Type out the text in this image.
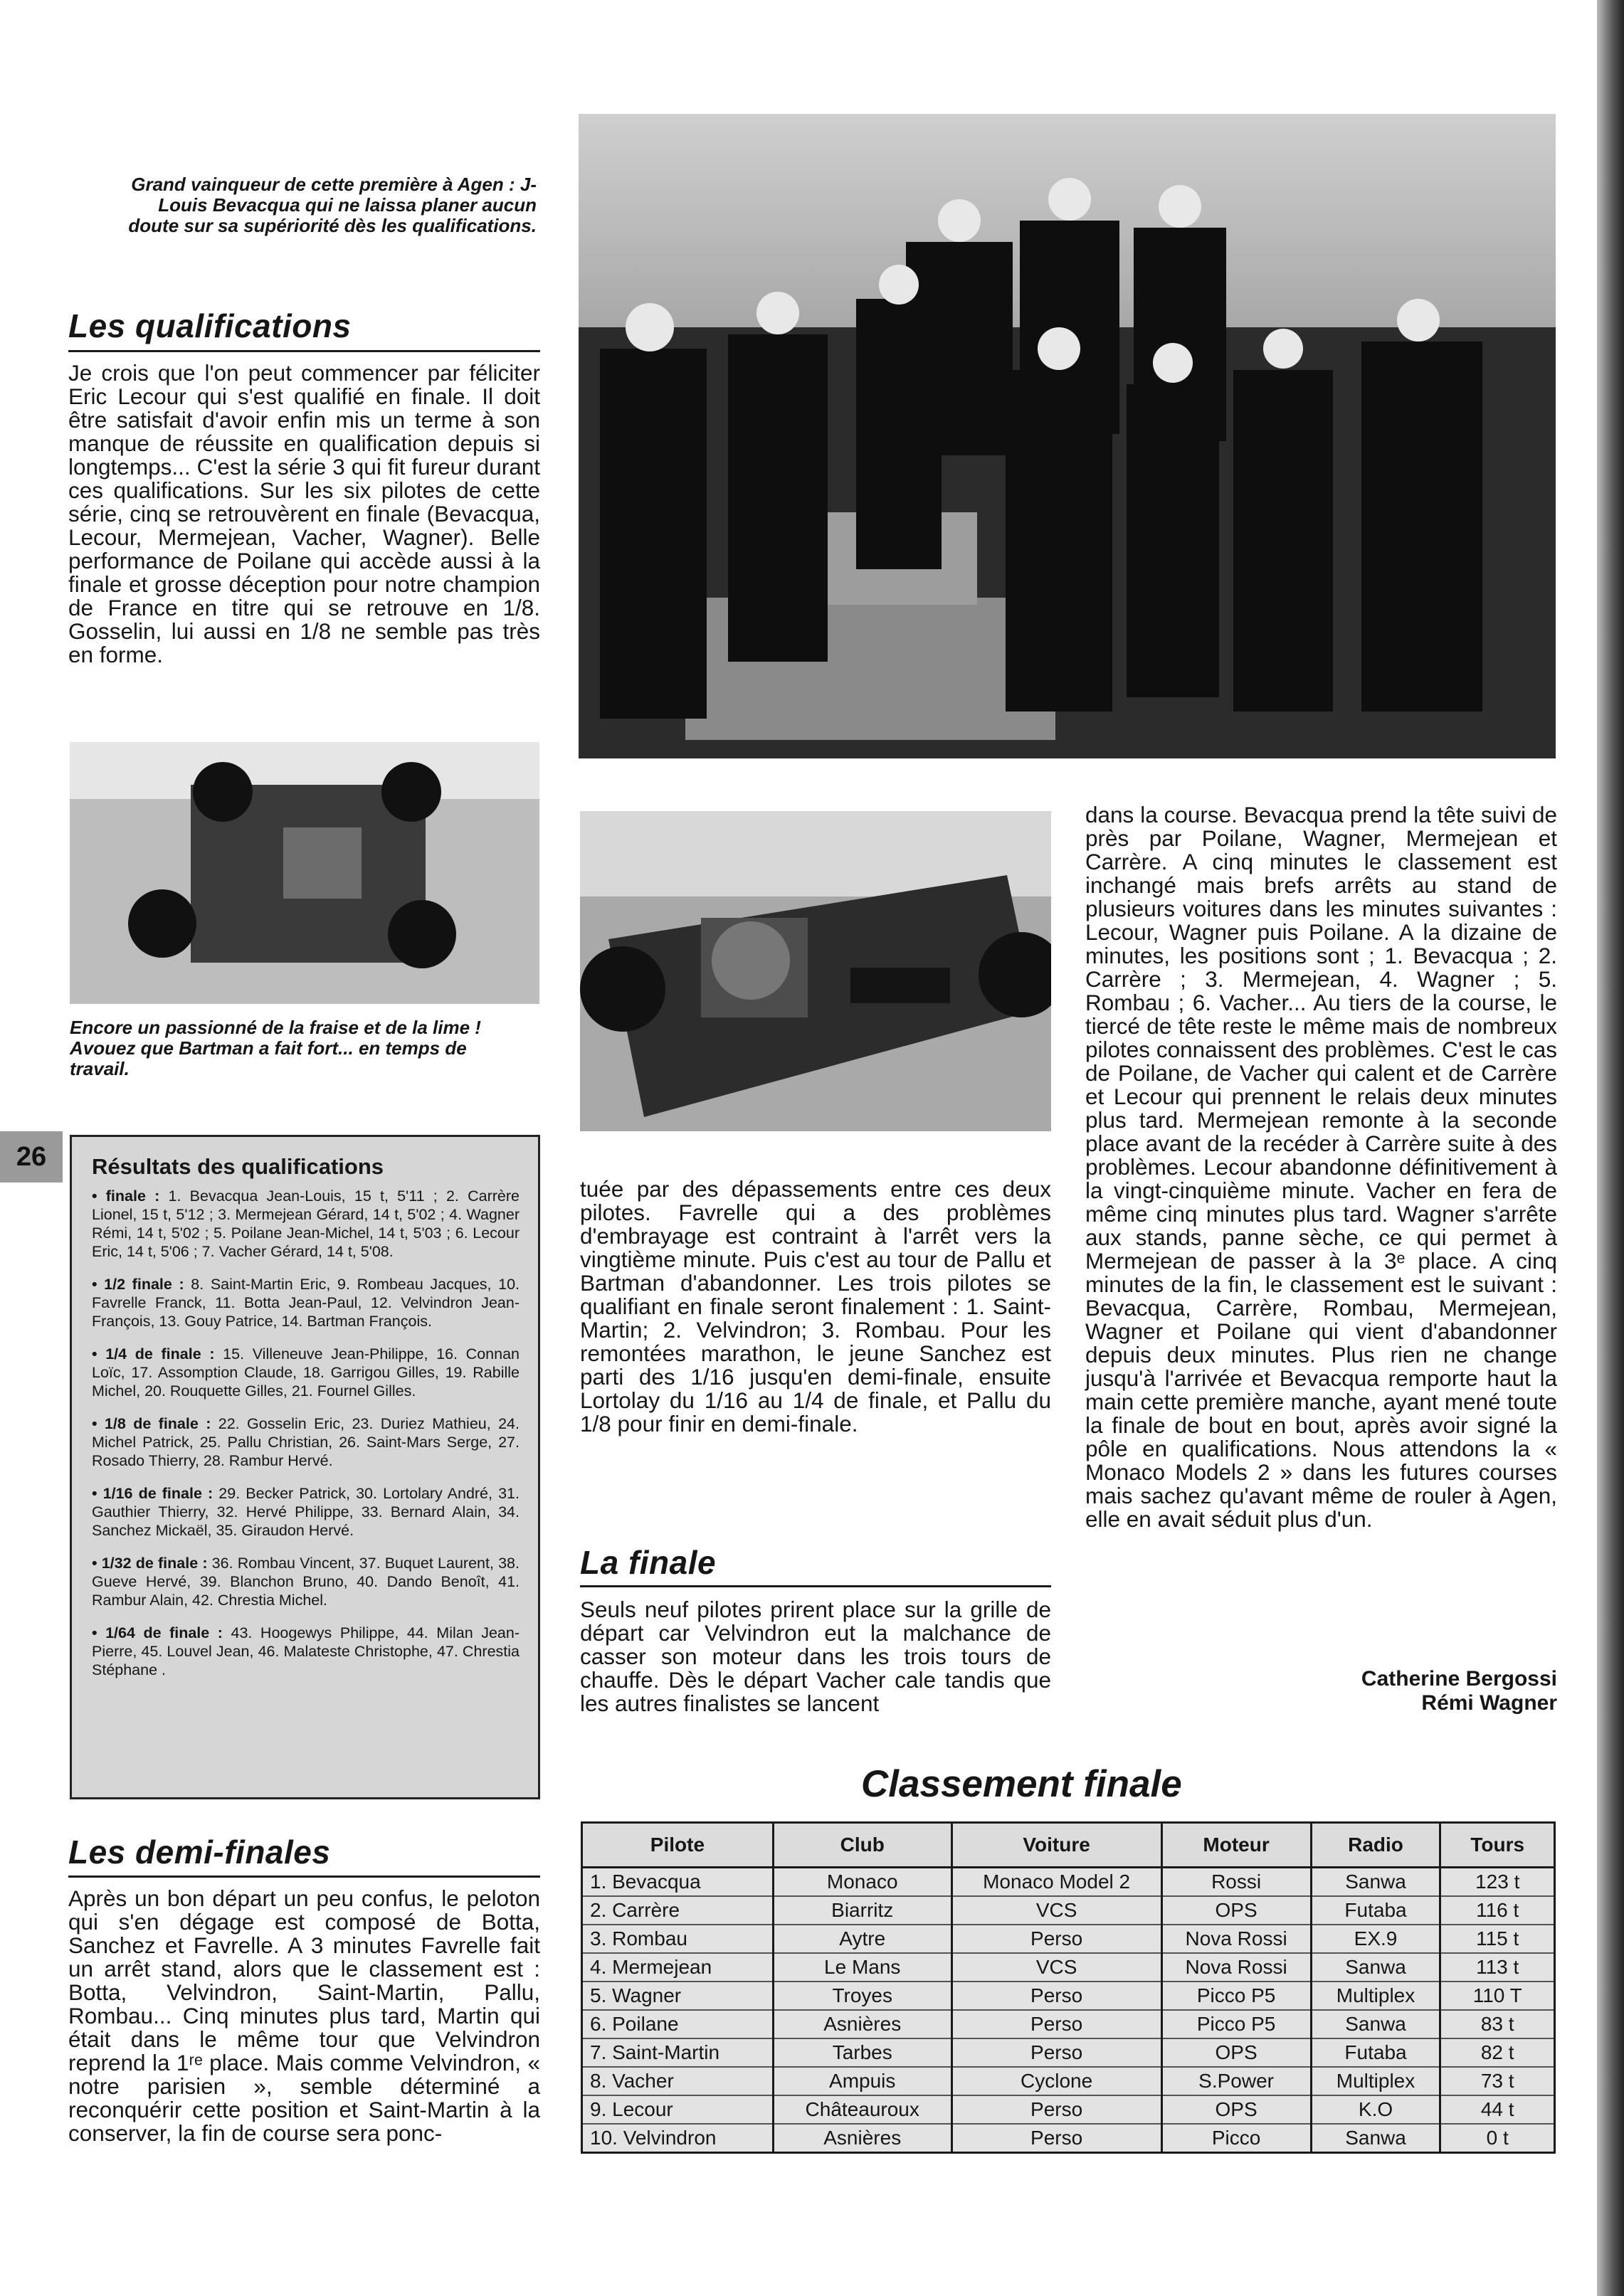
Grand vainqueur de cette première à Agen : J-Louis Bevacqua qui ne laissa planer aucun doute sur sa supériorité dès les qualifications.
Les qualifications
Je crois que l'on peut commencer par féliciter Eric Lecour qui s'est qualifié en finale. Il doit être satisfait d'avoir enfin mis un terme à son manque de réussite en qualification depuis si longtemps... C'est la série 3 qui fit fureur durant ces qualifications. Sur les six pilotes de cette série, cinq se retrouvèrent en finale (Bevacqua, Lecour, Mermejean, Vacher, Wagner). Belle performance de Poilane qui accède aussi à la finale et grosse déception pour notre champion de France en titre qui se retrouve en 1/8. Gosselin, lui aussi en 1/8 ne semble pas très en forme.
Encore un passionné de la fraise et de la lime ! Avouez que Bartman a fait fort... en temps de travail.
26	Résultats des qualifications
• finale : 1. Bevacqua Jean-Louis, 15 t, 5'11 ; 2. Carrère Lionel, 15 t, 5'12 ; 3. Mermejean Gérard, 14 t, 5'02 ; 4. Wagner Rémi, 14 t, 5'02 ; 5. Poilane Jean-Michel, 14 t, 5'03 ; 6. Lecour Eric, 14 t, 5'06 ; 7. Vacher Gérard, 14 t, 5'08.
• 1/2 finale : 8. Saint-Martin Eric, 9. Rombeau Jacques, 10. Favrelle Franck, 11. Botta Jean-Paul, 12. Velvindron Jean-François, 13. Gouy Patrice, 14. Bartman François.
• 1/4 de finale : 15. Villeneuve Jean-Philippe, 16. Connan Loïc, 17. Assomption Claude, 18. Garrigou Gilles, 19. Rabille Michel, 20. Rouquette Gilles, 21. Fournel Gilles.
• 1/8 de finale : 22. Gosselin Eric, 23. Duriez Mathieu, 24. Michel Patrick, 25. Pallu Christian, 26. Saint-Mars Serge, 27. Rosado Thierry, 28. Rambur Hervé.
• 1/16 de finale : 29. Becker Patrick, 30. Lortolary André, 31. Gauthier Thierry, 32. Hervé Philippe, 33. Bernard Alain, 34. Sanchez Mickaël, 35. Giraudon Hervé.
• 1/32 de finale : 36. Rombau Vincent, 37. Buquet Laurent, 38. Gueve Hervé, 39. Blanchon Bruno, 40. Dando Benoît, 41. Rambur Alain, 42. Chrestia Michel.
• 1/64 de finale : 43. Hoogewys Philippe, 44. Milan Jean-Pierre, 45. Louvel Jean, 46. Malateste Christophe, 47. Chrestia Stéphane .
Les demi-finales
Après un bon départ un peu confus, le peloton qui s'en dégage est composé de Botta, Sanchez et Favrelle. A 3 minutes Favrelle fait un arrêt stand, alors que le classement est : Botta, Velvindron, Saint-Martin, Pallu, Rombau... Cinq minutes plus tard, Martin qui était dans le même tour que Velvindron reprend la 1ʳᵉ place. Mais comme Velvindron, « notre parisien », semble déterminé a reconquérir cette position et Saint-Martin à la conserver, la fin de course sera ponc-
tuée par des dépassements entre ces deux pilotes. Favrelle qui a des problèmes d'embrayage est contraint à l'arrêt vers la vingtième minute. Puis c'est au tour de Pallu et Bartman d'abandonner. Les trois pilotes se qualifiant en finale seront finalement : 1. Saint-Martin; 2. Velvindron; 3. Rombau. Pour les remontées marathon, le jeune Sanchez est parti des 1/16 jusqu'en demi-finale, ensuite Lortolay du 1/16 au 1/4 de finale, et Pallu du 1/8 pour finir en demi-finale.
La finale
Seuls neuf pilotes prirent place sur la grille de départ car Velvindron eut la malchance de casser son moteur dans les trois tours de chauffe. Dès le départ Vacher cale tandis que les autres finalistes se lancent
dans la course. Bevacqua prend la tête suivi de près par Poilane, Wagner, Mermejean et Carrère. A cinq minutes le classement est inchangé mais brefs arrêts au stand de plusieurs voitures dans les minutes suivantes : Lecour, Wagner puis Poilane. A la dizaine de minutes, les positions sont ; 1. Bevacqua ; 2. Carrère ; 3. Mermejean, 4. Wagner ; 5. Rombau ; 6. Vacher... Au tiers de la course, le tiercé de tête reste le même mais de nombreux pilotes connaissent des problèmes. C'est le cas de Poilane, de Vacher qui calent et de Carrère et Lecour qui prennent le relais deux minutes plus tard. Mermejean remonte à la seconde place avant de la recéder à Carrère suite à des problèmes. Lecour abandonne définitivement à la vingt-cinquième minute. Vacher en fera de même cinq minutes plus tard. Wagner s'arrête aux stands, panne sèche, ce qui permet à Mermejean de passer à la 3ᵉ place. A cinq minutes de la fin, le classement est le suivant : Bevacqua, Carrère, Rombau, Mermejean, Wagner et Poilane qui vient d'abandonner depuis deux minutes. Plus rien ne change jusqu'à l'arrivée et Bevacqua remporte haut la main cette première manche, ayant mené toute la finale de bout en bout, après avoir signé la pôle en qualifications. Nous attendons la « Monaco Models 2 » dans les futures courses mais sachez qu'avant même de rouler à Agen, elle en avait séduit plus d'un.
Catherine Bergossi
Rémi Wagner
Classement finale
Pilote	Club	Voiture	Moteur	Radio	Tours
1. Bevacqua	Monaco	Monaco Model 2	Rossi	Sanwa	123 t
2. Carrère	Biarritz	VCS	OPS	Futaba	116 t
3. Rombau	Aytre	Perso	Nova Rossi	EX.9	115 t
4. Mermejean	Le Mans	VCS	Nova Rossi	Sanwa	113 t
5. Wagner	Troyes	Perso	Picco P5	Multiplex	110 T
6. Poilane	Asnières	Perso	Picco P5	Sanwa	83 t
7. Saint-Martin	Tarbes	Perso	OPS	Futaba	82 t
8. Vacher	Ampuis	Cyclone	S.Power	Multiplex	73 t
9. Lecour	Châteauroux	Perso	OPS	K.O	44 t
10. Velvindron	Asnières	Perso	Picco	Sanwa	0 t
